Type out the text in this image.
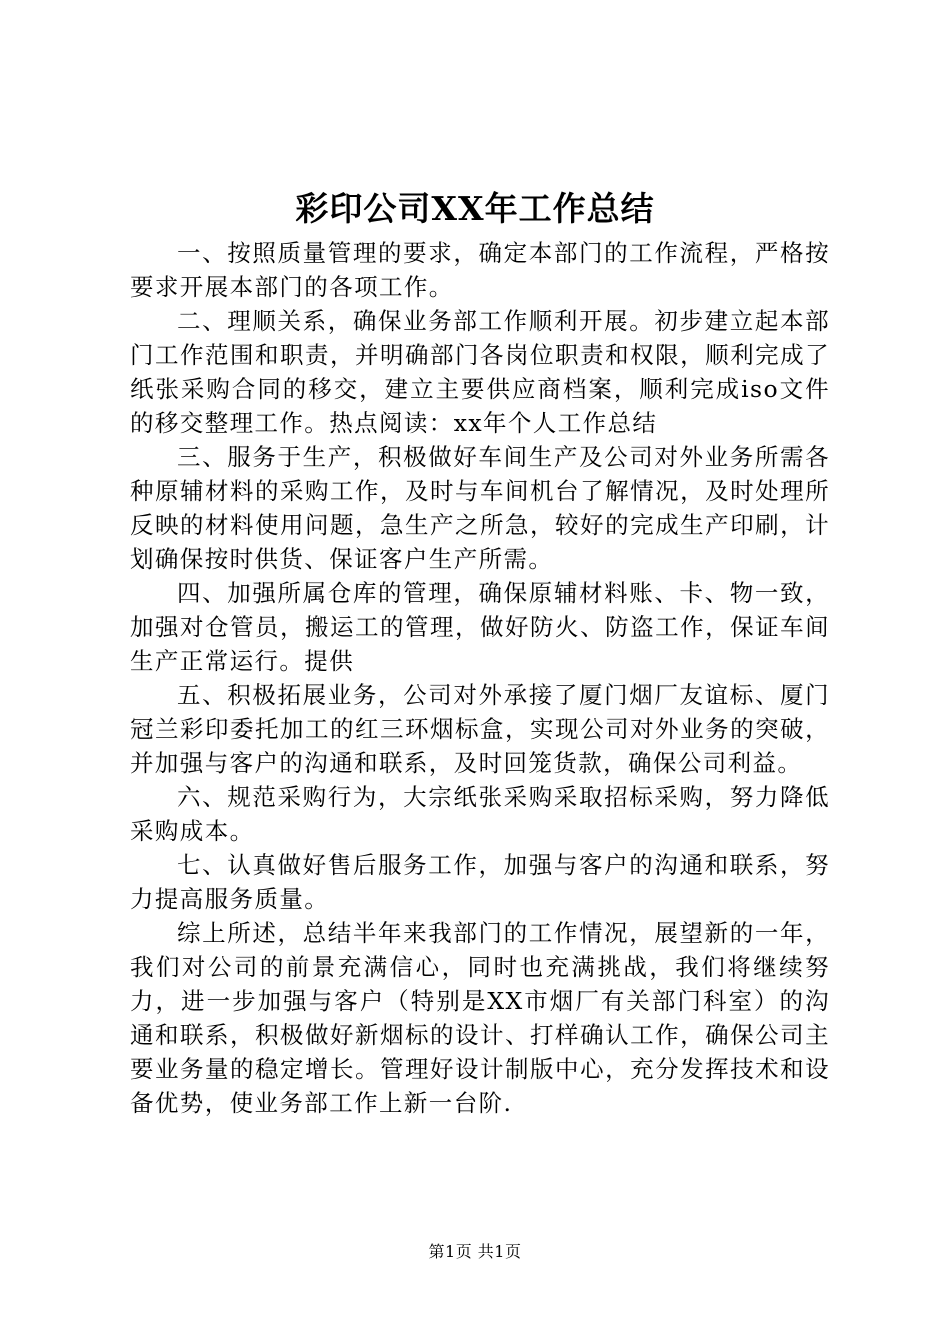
彩印公司XX年工作总结

一、按照质量管理的要求，确定本部门的工作流程，严格按要求开展本部门的各项工作。

二、理顺关系，确保业务部工作顺利开展。初步建立起本部门工作范围和职责，并明确部门各岗位职责和权限，顺利完成了纸张采购合同的移交，建立主要供应商档案，顺利完成iso文件的移交整理工作。热点阅读：xx年个人工作总结

三、服务于生产，积极做好车间生产及公司对外业务所需各种原辅材料的采购工作，及时与车间机台了解情况，及时处理所反映的材料使用问题，急生产之所急，较好的完成生产印刷，计划确保按时供货、保证客户生产所需。

四、加强所属仓库的管理，确保原辅材料账、卡、物一致，加强对仓管员，搬运工的管理，做好防火、防盗工作，保证车间生产正常运行。提供

五、积极拓展业务，公司对外承接了厦门烟厂友谊标、厦门冠兰彩印委托加工的红三环烟标盒，实现公司对外业务的突破，并加强与客户的沟通和联系，及时回笼货款，确保公司利益。

六、规范采购行为，大宗纸张采购采取招标采购，努力降低采购成本。

七、认真做好售后服务工作，加强与客户的沟通和联系，努力提高服务质量。

综上所述，总结半年来我部门的工作情况，展望新的一年，我们对公司的前景充满信心，同时也充满挑战，我们将继续努力，进一步加强与客户（特别是XX市烟厂有关部门科室）的沟通和联系，积极做好新烟标的设计、打样确认工作，确保公司主要业务量的稳定增长。管理好设计制版中心，充分发挥技术和设备优势，使业务部工作上新一台阶.

第1页 共1页
